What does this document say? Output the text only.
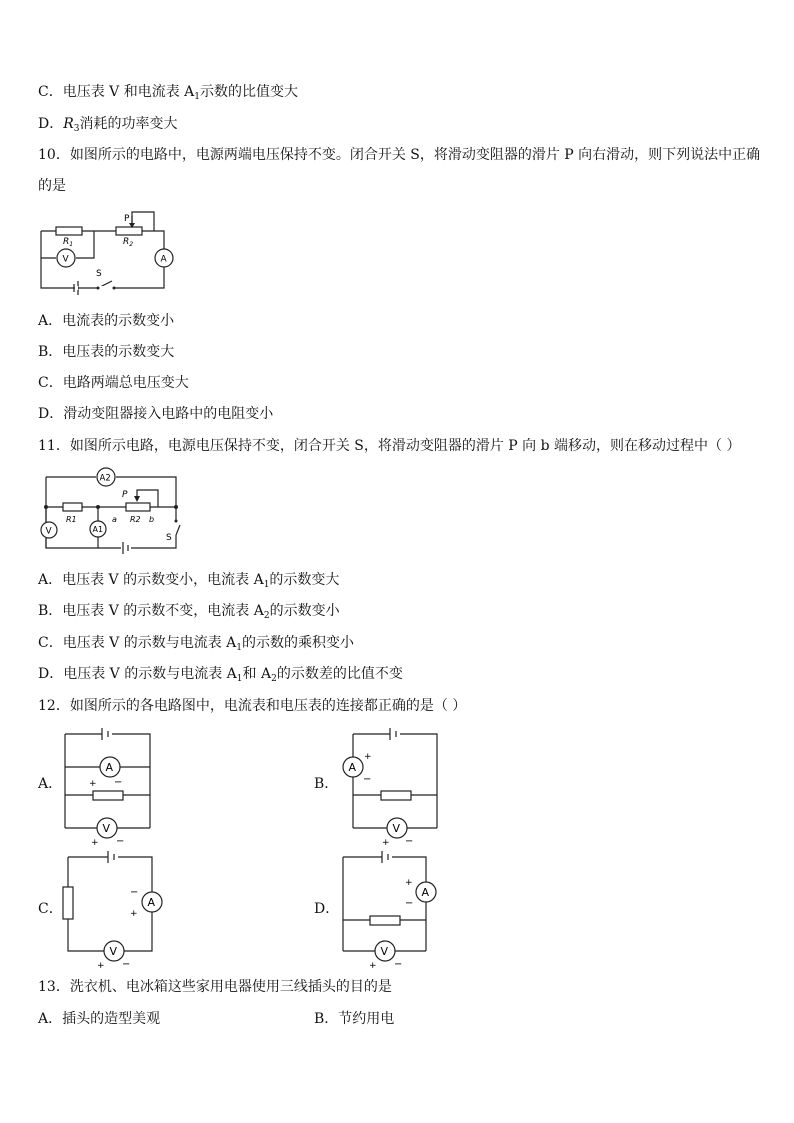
C．电压表 V 和电流表 $A_1$示数的比值变大
D．$R_3$消耗的功率变大
10．如图所示的电路中，电源两端电压保持不变。闭合开关 S，将滑动变阻器的滑片 P 向右滑动，则下列说法中正确
的是
P
$R_1$	$R_2$
V	A
S
A．电流表的示数变小
B．电压表的示数变大
C．电路两端总电压变大
D．滑动变阻器接入电路中的电阻变小
11．如图所示电路，电源电压保持不变，闭合开关 S，将滑动变阻器的滑片 P 向 b 端移动，则在移动过程中（ ）
A2
P
R1	a R2 b
V	A1
S
A．电压表 V 的示数变小，电流表 $A_1$的示数变大
B．电压表 V 的示数不变，电流表 $A_2$的示数变小
C．电压表 V 的示数与电流表 $A_1$的示数的乘积变小
D．电压表 V 的示数与电流表 $A_1$和 $A_2$的示数差的比值不变
12．如图所示的各电路图中，电流表和电压表的连接都正确的是（ ）
A．	B．
C．	D．
A
V
+ −
+ −
A
V
+
−
+ −
A
V
−
+
+ −
A
V
+
−
+ −
13．洗衣机、电冰箱这些家用电器使用三线插头的目的是
A．插头的造型美观	B．节约用电
